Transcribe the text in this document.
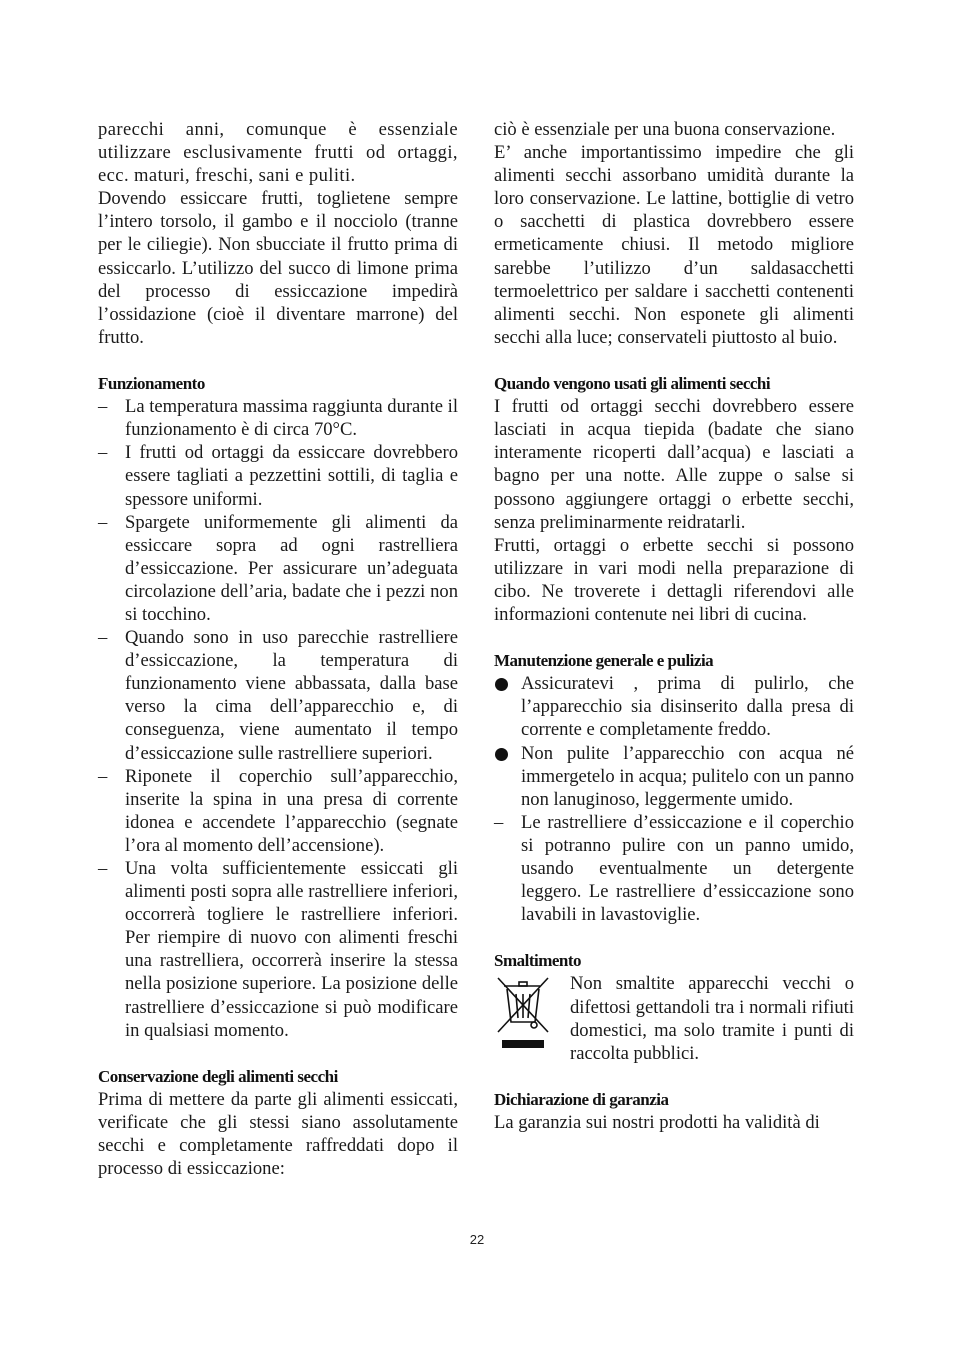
parecchi anni, comunque è essenziale utilizzare esclusivamente frutti od ortaggi, ecc. maturi, freschi, sani e puliti.

Dovendo essiccare frutti, toglietene sempre l’intero torsolo, il gambo e il nocciolo (tranne per le ciliegie). Non sbucciate il frutto prima di essiccarlo. L’utilizzo del succo di limone prima del processo di essiccazione impedirà l’ossidazione (cioè il diventare marrone) del frutto.

Funzionamento
– La temperatura massima raggiunta durante il funzionamento è di circa 70°C.
– I frutti od ortaggi da essiccare dovrebbero essere tagliati a pezzettini sottili, di taglia e spessore uniformi.
– Spargete uniformemente gli alimenti da essiccare sopra ad ogni rastrelliera d’essiccazione. Per assicurare un’adeguata circolazione dell’aria, badate che i pezzi non si tocchino.
– Quando sono in uso parecchie rastrelliere d’essiccazione, la temperatura di funzionamento viene abbassata, dalla base verso la cima dell’apparecchio e, di conseguenza, viene aumentato il tempo d’essiccazione sulle rastrelliere superiori.
– Riponete il coperchio sull’apparecchio, inserite la spina in una presa di corrente idonea e accendete l’apparecchio (segnate l’ora al momento dell’accensione).
– Una volta sufficientemente essiccati gli alimenti posti sopra alle rastrelliere inferiori, occorrerà togliere le rastrelliere inferiori. Per riempire di nuovo con alimenti freschi una rastrelliera, occorrerà inserire la stessa nella posizione superiore. La posizione delle rastrelliere d’essiccazione si può modificare in qualsiasi momento.
Conservazione degli alimenti secchi

Prima di mettere da parte gli alimenti essiccati, verificate che gli stessi siano assolutamente secchi e completamente raffreddati dopo il processo di essiccazione:

ciò è essenziale per una buona conservazione.

E’ anche importantissimo impedire che gli alimenti secchi assorbano umidità durante la loro conservazione. Le lattine, bottiglie di vetro o sacchetti di plastica dovrebbero essere ermeticamente chiusi. Il metodo migliore sarebbe l’utilizzo d’un saldasacchetti termoelettrico per saldare i sacchetti contenenti alimenti secchi. Non esponete gli alimenti secchi alla luce; conservateli piuttosto al buio.

Quando vengono usati gli alimenti secchi

I frutti od ortaggi secchi dovrebbero essere lasciati in acqua tiepida (badate che siano interamente ricoperti dall’acqua) e lasciati a bagno per una notte. Alle zuppe o salse si possono aggiungere ortaggi o erbette secchi, senza preliminarmente reidratarli.

Frutti, ortaggi o erbette secchi si possono utilizzare in vari modi nella preparazione di cibo. Ne troverete i dettagli riferendovi alle informazioni contenute nei libri di cucina.

Manutenzione generale e pulizia
Assicuratevi , prima di pulirlo, che l’apparecchio sia disinserito dalla presa di corrente e completamente freddo.
Non pulite l’apparecchio con acqua né immergetelo in acqua; pulitelo con un panno non lanuginoso, leggermente umido.
– Le rastrelliere d’essiccazione e il coperchio si potranno pulire con un panno umido, usando eventualmente un detergente leggero. Le rastrelliere d’essiccazione sono lavabili in lavastoviglie.
Smaltimento

Non smaltite apparecchi vecchi o difettosi gettandoli tra i normali rifiuti domestici, ma solo tramite i punti di raccolta pubblici.

Dichiarazione di garanzia

La garanzia sui nostri prodotti ha validità di

22
